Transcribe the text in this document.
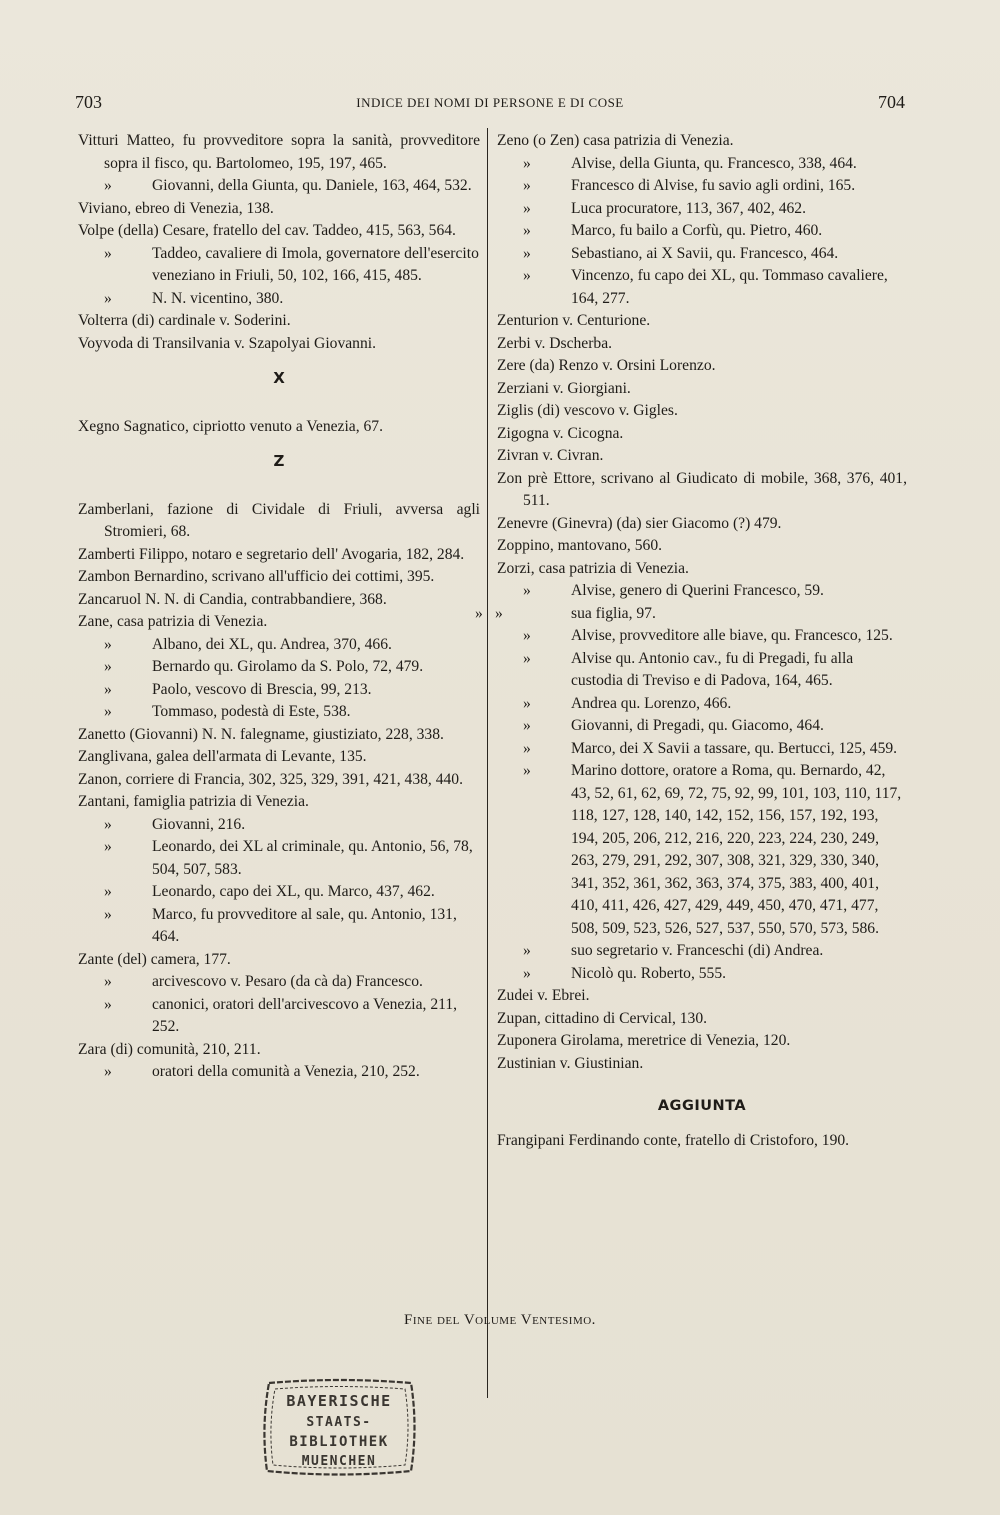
703	INDICE DEI NOMI DI PERSONE E DI COSE	704
Vitturi Matteo, fu provveditore sopra la sanità, provveditore sopra il fisco, qu. Bartolomeo, 195, 197, 465.
»	Giovanni, della Giunta, qu. Daniele, 163, 464, 532.
Viviano, ebreo di Venezia, 138.
Volpe (della) Cesare, fratello del cav. Taddeo, 415, 563, 564.
»	Taddeo, cavaliere di Imola, governatore dell'esercito veneziano in Friuli, 50, 102, 166, 415, 485.
»	N. N. vicentino, 380.
Volterra (di) cardinale v. Soderini.
Voyvoda di Transilvania v. Szapolyai Giovanni.
X
Xegno Sagnatico, cipriotto venuto a Venezia, 67.
Z
Zamberlani, fazione di Cividale di Friuli, avversa agli Stromieri, 68.
Zamberti Filippo, notaro e segretario dell' Avogaria, 182, 284.
Zambon Bernardino, scrivano all'ufficio dei cottimi, 395.
Zancaruol N. N. di Candia, contrabbandiere, 368.
Zane, casa patrizia di Venezia.
»	Albano, dei XL, qu. Andrea, 370, 466.
»	Bernardo qu. Girolamo da S. Polo, 72, 479.
»	Paolo, vescovo di Brescia, 99, 213.
»	Tommaso, podestà di Este, 538.
Zanetto (Giovanni) N. N. falegname, giustiziato, 228, 338.
Zanglivana, galea dell'armata di Levante, 135.
Zanon, corriere di Francia, 302, 325, 329, 391, 421, 438, 440.
Zantani, famiglia patrizia di Venezia.
»	Giovanni, 216.
»	Leonardo, dei XL al criminale, qu. Antonio, 56, 78, 504, 507, 583.
»	Leonardo, capo dei XL, qu. Marco, 437, 462.
»	Marco, fu provveditore al sale, qu. Antonio, 131, 464.
Zante (del) camera, 177.
»	arcivescovo v. Pesaro (da cà da) Francesco.
»	canonici, oratori dell'arcivescovo a Venezia, 211, 252.
Zara (di) comunità, 210, 211.
»	oratori della comunità a Venezia, 210, 252.
Zeno (o Zen) casa patrizia di Venezia.
»	Alvise, della Giunta, qu. Francesco, 338, 464.
»	Francesco di Alvise, fu savio agli ordini, 165.
»	Luca procuratore, 113, 367, 402, 462.
»	Marco, fu bailo a Corfù, qu. Pietro, 460.
»	Sebastiano, ai X Savii, qu. Francesco, 464.
»	Vincenzo, fu capo dei XL, qu. Tommaso cavaliere, 164, 277.
Zenturion v. Centurione.
Zerbi v. Dscherba.
Zere (da) Renzo v. Orsini Lorenzo.
Zerziani v. Giorgiani.
Ziglis (di) vescovo v. Gigles.
Zigogna v. Cicogna.
Zivran v. Civran.
Zon prè Ettore, scrivano al Giudicato di mobile, 368, 376, 401, 511.
Zenevre (Ginevra) (da) sier Giacomo (?) 479.
Zoppino, mantovano, 560.
Zorzi, casa patrizia di Venezia.
»	Alvise, genero di Querini Francesco, 59.
» »	sua figlia, 97.
»	Alvise, provveditore alle biave, qu. Francesco, 125.
»	Alvise qu. Antonio cav., fu di Pregadi, fu alla custodia di Treviso e di Padova, 164, 465.
»	Andrea qu. Lorenzo, 466.
»	Giovanni, di Pregadi, qu. Giacomo, 464.
»	Marco, dei X Savii a tassare, qu. Bertucci, 125, 459.
»	Marino dottore, oratore a Roma, qu. Bernardo, 42, 43, 52, 61, 62, 69, 72, 75, 92, 99, 101, 103, 110, 117, 118, 127, 128, 140, 142, 152, 156, 157, 192, 193, 194, 205, 206, 212, 216, 220, 223, 224, 230, 249, 263, 279, 291, 292, 307, 308, 321, 329, 330, 340, 341, 352, 361, 362, 363, 374, 375, 383, 400, 401, 410, 411, 426, 427, 429, 449, 450, 470, 471, 477, 508, 509, 523, 526, 527, 537, 550, 570, 573, 586.
»	suo segretario v. Franceschi (di) Andrea.
»	Nicolò qu. Roberto, 555.
Zudei v. Ebrei.
Zupan, cittadino di Cervical, 130.
Zuponera Girolama, meretrice di Venezia, 120.
Zustinian v. Giustinian.
AGGIUNTA
Frangipani Ferdinando conte, fratello di Cristoforo, 190.
Fine del Volume Ventesimo.
BAYERISCHE
STAATS-
BIBLIOTHEK
MUENCHEN
